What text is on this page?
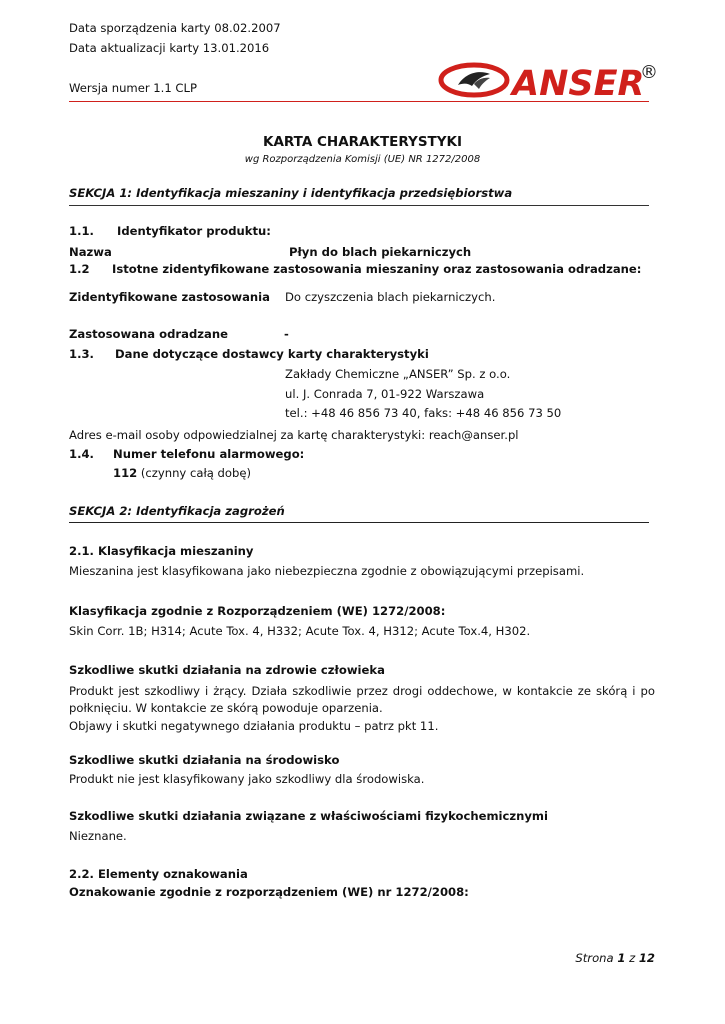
Data sporządzenia karty 08.02.2007
Data aktualizacji karty 13.01.2016
Wersja numer 1.1 CLP	ANSER
®
KARTA CHARAKTERYSTYKI
wg Rozporządzenia Komisji (UE) NR 1272/2008
SEKCJA 1: Identyfikacja mieszaniny i identyfikacja przedsiębiorstwa
1.1. Identyfikator produktu:
Nazwa	Płyn do blach piekarniczych
1.2 Istotne zidentyfikowane zastosowania mieszaniny oraz zastosowania odradzane:
Zidentyfikowane zastosowania Do czyszczenia blach piekarniczych.
Zastosowana odradzane	-
1.3. Dane dotyczące dostawcy karty charakterystyki
Zakłady Chemiczne „ANSER” Sp. z o.o.
ul. J. Conrada 7, 01-922 Warszawa
tel.: +48 46 856 73 40, faks: +48 46 856 73 50
Adres e-mail osoby odpowiedzialnej za kartę charakterystyki: reach@anser.pl
1.4. Numer telefonu alarmowego:
112 (czynny całą dobę)
SEKCJA 2: Identyfikacja zagrożeń
2.1. Klasyfikacja mieszaniny
Mieszanina jest klasyfikowana jako niebezpieczna zgodnie z obowiązującymi przepisami.
Klasyfikacja zgodnie z Rozporządzeniem (WE) 1272/2008:
Skin Corr. 1B; H314; Acute Tox. 4, H332; Acute Tox. 4, H312; Acute Tox.4, H302.
Szkodliwe skutki działania na zdrowie człowieka
Produkt jest szkodliwy i żrący. Działa szkodliwie przez drogi oddechowe, w kontakcie ze skórą i po
połknięciu. W kontakcie ze skórą powoduje oparzenia.
Objawy i skutki negatywnego działania produktu – patrz pkt 11.
Szkodliwe skutki działania na środowisko
Produkt nie jest klasyfikowany jako szkodliwy dla środowiska.
Szkodliwe skutki działania związane z właściwościami fizykochemicznymi
Nieznane.
2.2. Elementy oznakowania
Oznakowanie zgodnie z rozporządzeniem (WE) nr 1272/2008:
Strona 1 z 12
